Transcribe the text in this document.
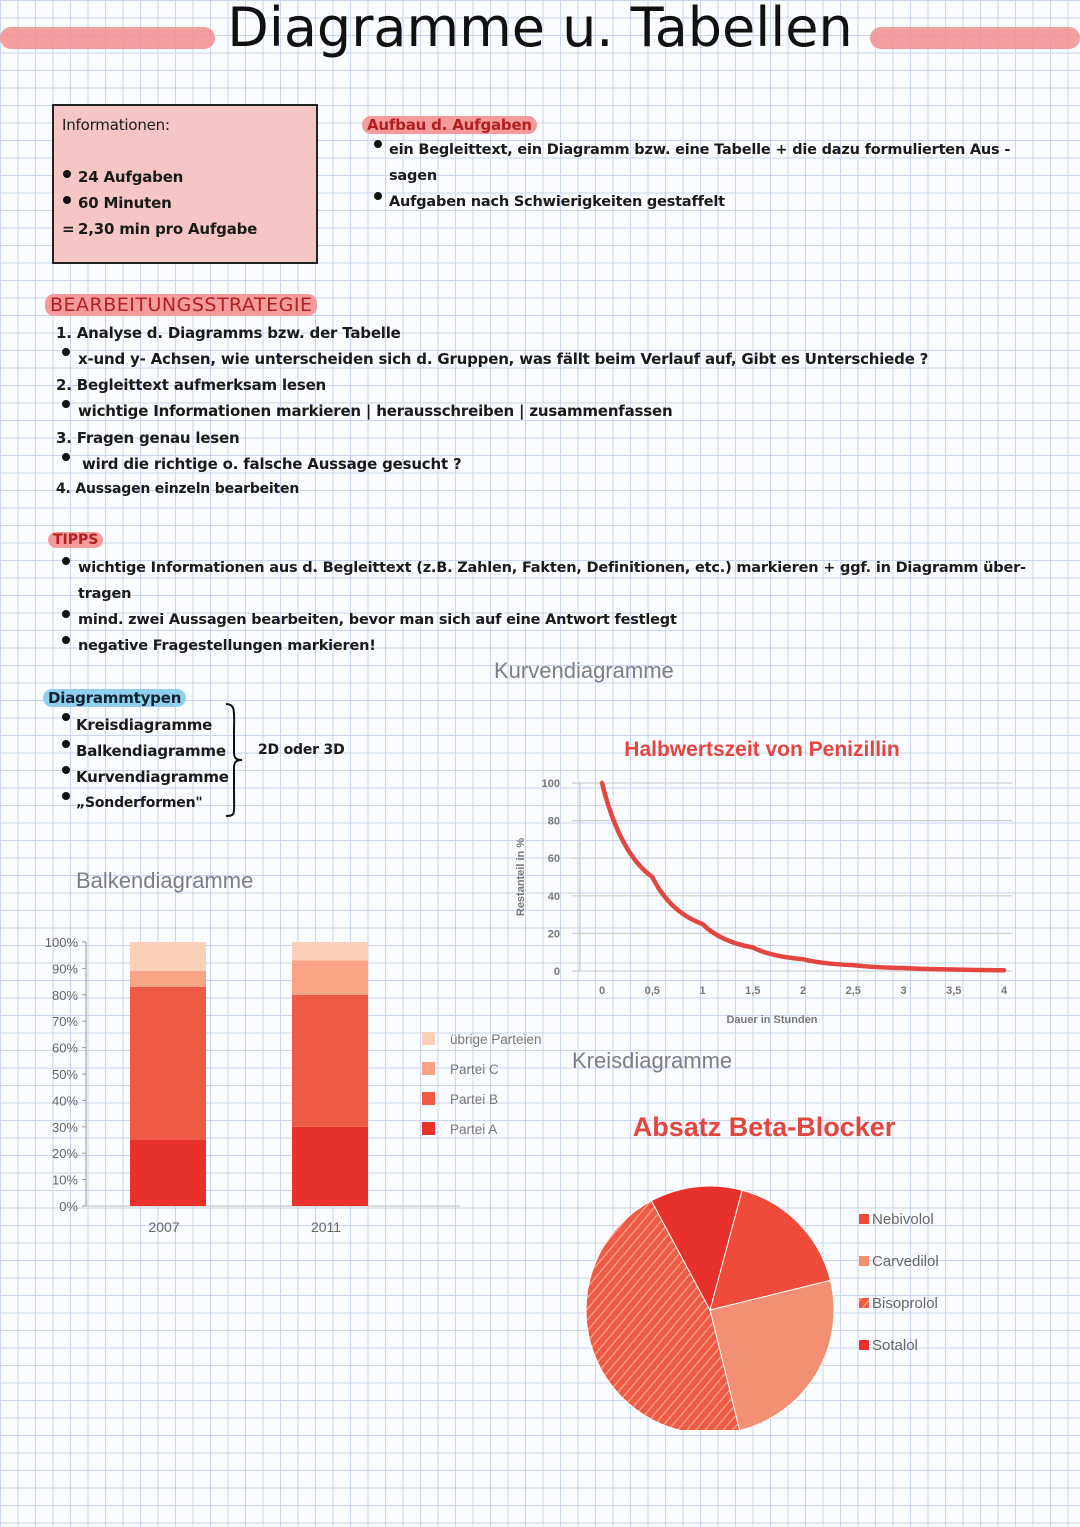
Diagramme u. Tabellen
Informationen:
24 Aufgaben
60 Minuten
= 2,30 min pro Aufgabe
Aufbau d. Aufgaben
ein Begleittext, ein Diagramm bzw. eine Tabelle + die dazu formulierten Aus -
sagen
Aufgaben nach Schwierigkeiten gestaffelt
BEARBEITUNGSSTRATEGIE
1. Analyse d. Diagramms bzw. der Tabelle
x-und y- Achsen, wie unterscheiden sich d. Gruppen, was fällt beim Verlauf auf, Gibt es Unterschiede ?
2. Begleittext aufmerksam lesen
wichtige Informationen markieren | herausschreiben | zusammenfassen
3. Fragen genau lesen
wird die richtige o. falsche Aussage gesucht ?
4. Aussagen einzeln bearbeiten
TIPPS
wichtige Informationen aus d. Begleittext (z.B. Zahlen, Fakten, Definitionen, etc.) markieren + ggf. in Diagramm über-
tragen
mind. zwei Aussagen bearbeiten, bevor man sich auf eine Antwort festlegt
negative Fragestellungen markieren!
Kurvendiagramme
Diagrammtypen
Kreisdiagramme
Balkendiagramme
Kurvendiagramme
„Sonderformen"
2D oder 3D	Halbwertszeit von Penizillin
100
80
60
40
20
0
0	0,5	1	1,5	2	2,5	3	3,5	4
Dauer in Stunden
Restanteil in %
Balkendiagramme
100%
90%
80%
70%
60%
50%
40%
30%
20%
10%
0%
2007	2011
übrige Parteien
Partei C
Partei B
Partei A
Kreisdiagramme
Absatz Beta-Blocker
Nebivolol
Carvedilol
Bisoprolol
Sotalol
